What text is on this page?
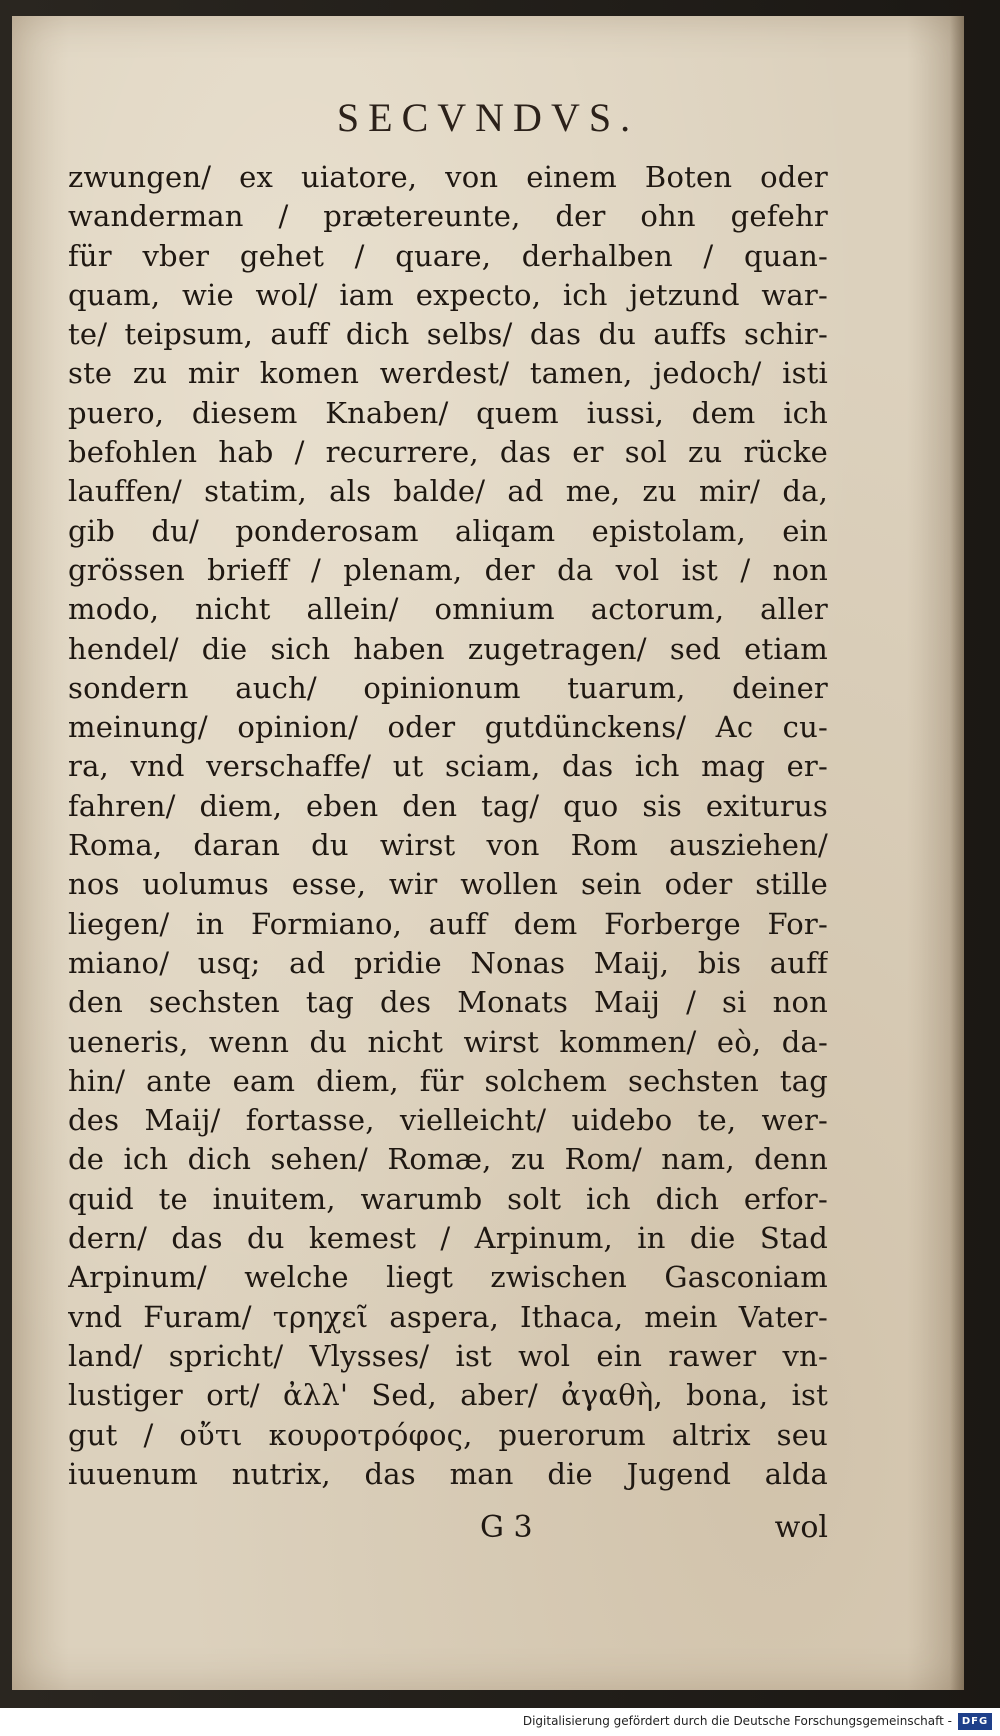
SECVNDVS.
zwungen/ ex uiatore, von einem Boten oder
wanderman / prætereunte, der ohn gefehr
für vber gehet / quare, derhalben / quan-
quam, wie wol/ iam expecto, ich jetzund war-
te/ teipsum, auff dich selbs/ das du auffs schir-
ste zu mir komen werdest/ tamen, jedoch/ isti
puero, diesem Knaben/ quem iussi, dem ich
befohlen hab / recurrere, das er sol zu rücke
lauffen/ statim, als balde/ ad me, zu mir/ da,
gib du/ ponderosam aliqam epistolam, ein
grössen brieff / plenam, der da vol ist / non
modo, nicht allein/ omnium actorum, aller
hendel/ die sich haben zugetragen/ sed etiam
sondern auch/ opinionum tuarum, deiner
meinung/ opinion/ oder gutdünckens/ Ac cu-
ra, vnd verschaffe/ ut sciam, das ich mag er-
fahren/ diem, eben den tag/ quo sis exiturus
Roma, daran du wirst von Rom ausziehen/
nos uolumus esse, wir wollen sein oder stille
liegen/ in Formiano, auff dem Forberge For-
miano/ usq; ad pridie Nonas Maij, bis auff
den sechsten tag des Monats Maij / si non
ueneris, wenn du nicht wirst kommen/ eò, da-
hin/ ante eam diem, für solchem sechsten tag
des Maij/ fortasse, vielleicht/ uidebo te, wer-
de ich dich sehen/ Romæ, zu Rom/ nam, denn
quid te inuitem, warumb solt ich dich erfor-
dern/ das du kemest / Arpinum, in die Stad
Arpinum/ welche liegt zwischen Gasconiam
vnd Furam/ τρηχεῖ aspera, Ithaca, mein Vater-
land/ spricht/ Vlysses/ ist wol ein rawer vn-
lustiger ort/ ἀλλ' Sed, aber/ ἀγαθὴ, bona, ist
gut / οὔτι κουροτρόφος, puerorum altrix seu
iuuenum nutrix, das man die Jugend alda
G 3	wol
Digitalisierung gefördert durch die Deutsche Forschungsgemeinschaft - DFG
